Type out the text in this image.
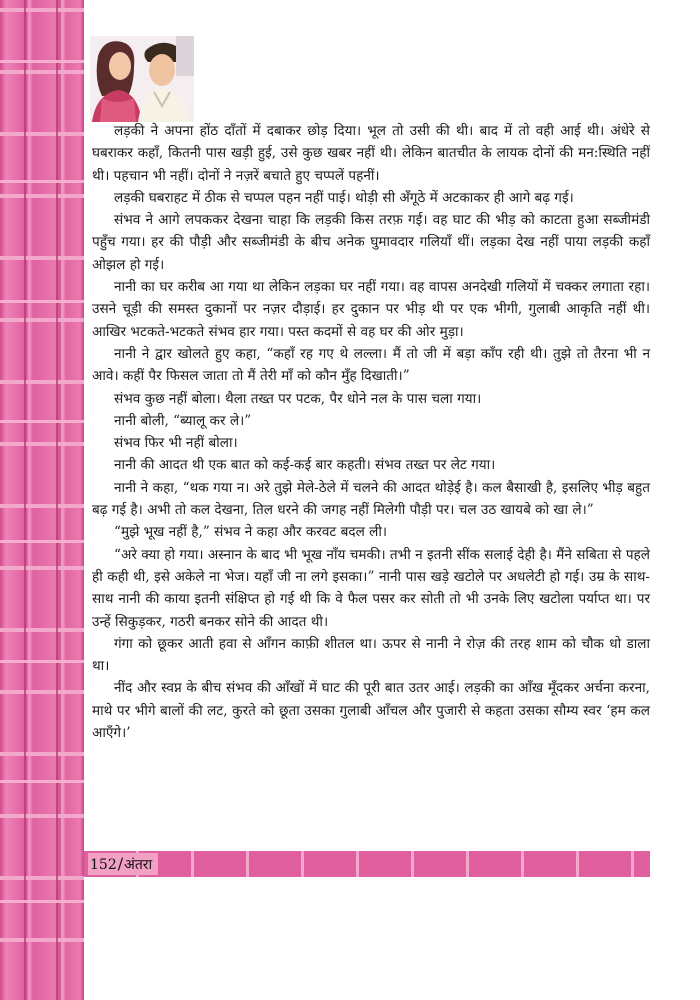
लड़की ने अपना होंठ दाँतों में दबाकर छोड़ दिया। भूल तो उसी की थी। बाद में तो वही आई थी। अंधेरे से घबराकर कहाँ, कितनी पास खड़ी हुई, उसे कुछ खबर नहीं थी। लेकिन बातचीत के लायक दोनों की मन:स्थिति नहीं थी। पहचान भी नहीं। दोनों ने नज़रें बचाते हुए चप्पलें पहनीं।

लड़की घबराहट में ठीक से चप्पल पहन नहीं पाई। थोड़ी सी अँगूठे में अटकाकर ही आगे बढ़ गई।

संभव ने आगे लपककर देखना चाहा कि लड़की किस तरफ़ गई। वह घाट की भीड़ को काटता हुआ सब्जीमंडी पहुँच गया। हर की पौड़ी और सब्जीमंडी के बीच अनेक घुमावदार गलियाँ थीं। लड़का देख नहीं पाया लड़की कहाँ ओझल हो गई।

नानी का घर करीब आ गया था लेकिन लड़का घर नहीं गया। वह वापस अनदेखी गलियों में चक्कर लगाता रहा। उसने चूड़ी की समस्त दुकानों पर नज़र दौड़ाई। हर दुकान पर भीड़ थी पर एक भीगी, गुलाबी आकृति नहीं थी। आखिर भटकते-भटकते संभव हार गया। पस्त कदमों से वह घर की ओर मुड़ा।

नानी ने द्वार खोलते हुए कहा, “कहाँ रह गए थे लल्ला। मैं तो जी में बड़ा काँप रही थी। तुझे तो तैरना भी न आवे। कहीं पैर फिसल जाता तो मैं तेरी माँ को कौन मुँह दिखाती।”

संभव कुछ नहीं बोला। थैला तख्त पर पटक, पैर धोने नल के पास चला गया।

नानी बोली, “ब्यालू कर ले।”

संभव फिर भी नहीं बोला।

नानी की आदत थी एक बात को कई-कई बार कहती। संभव तख्त पर लेट गया।

नानी ने कहा, “थक गया न। अरे तुझे मेले-ठेले में चलने की आदत थोड़ेई है। कल बैसाखी है, इसलिए भीड़ बहुत बढ़ गई है। अभी तो कल देखना, तिल धरने की जगह नहीं मिलेगी पौड़ी पर। चल उठ खायबे को खा ले।”

“मुझे भूख नहीं है,” संभव ने कहा और करवट बदल ली।

“अरे क्या हो गया। अस्नान के बाद भी भूख नाँय चमकी। तभी न इतनी सींक सलाई देही है। मैंने सबिता से पहले ही कही थी, इसे अकेले ना भेज। यहाँ जी ना लगे इसका।” नानी पास खड़े खटोले पर अधलेटी हो गई। उम्र के साथ-साथ नानी की काया इतनी संक्षिप्त हो गई थी कि वे फैल पसर कर सोती तो भी उनके लिए खटोला पर्याप्त था। पर उन्हें सिकुड़कर, गठरी बनकर सोने की आदत थी।

गंगा को छूकर आती हवा से आँगन काफ़ी शीतल था। ऊपर से नानी ने रोज़ की तरह शाम को चौक धो डाला था।

नींद और स्वप्न के बीच संभव की आँखों में घाट की पूरी बात उतर आई। लड़की का आँख मूँदकर अर्चना करना, माथे पर भीगे बालों की लट, कुरते को छूता उसका गुलाबी आँचल और पुजारी से कहता उसका सौम्य स्वर ‘हम कल आएँगे।’

152/अंतरा
